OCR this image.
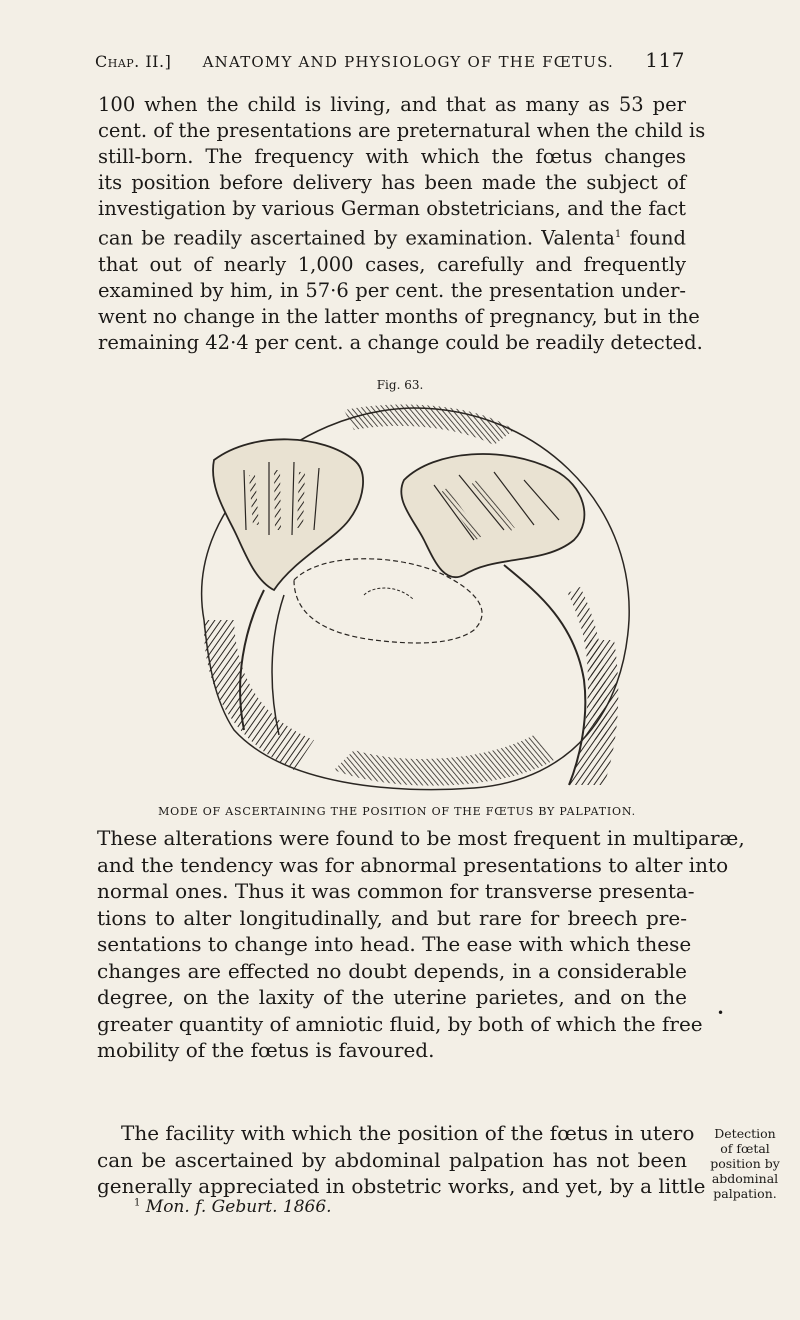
Chap. II.] ANATOMY AND PHYSIOLOGY OF THE FŒTUS. 117
100 when the child is living, and that as many as 53 per
cent. of the presentations are preternatural when the child is
still-born. The frequency with which the fœtus changes
its position before delivery has been made the subject of
investigation by various German obstetricians, and the fact
can be readily ascertained by examination. Valenta$^1$ found
that out of nearly 1,000 cases, carefully and frequently
examined by him, in 57·6 per cent. the presentation under-
went no change in the latter months of pregnancy, but in the
remaining 42·4 per cent. a change could be readily detected.
Fig. 63.
MODE OF ASCERTAINING THE POSITION OF THE FŒTUS BY PALPATION.
These alterations were found to be most frequent in multiparæ,
and the tendency was for abnormal presentations to alter into
normal ones. Thus it was common for transverse presenta-
tions to alter longitudinally, and but rare for breech pre-
sentations to change into head. The ease with which these
changes are effected no doubt depends, in a considerable
degree, on the laxity of the uterine parietes, and on the
greater quantity of amniotic fluid, by both of which the free
mobility of the fœtus is favoured.
•
The facility with which the position of the fœtus in utero
can be ascertained by abdominal palpation has not been
generally appreciated in obstetric works, and yet, by a little
$^1$ Mon. f. Geburt. 1866.
Detection
of fœtal
position by
abdominal
palpation.
